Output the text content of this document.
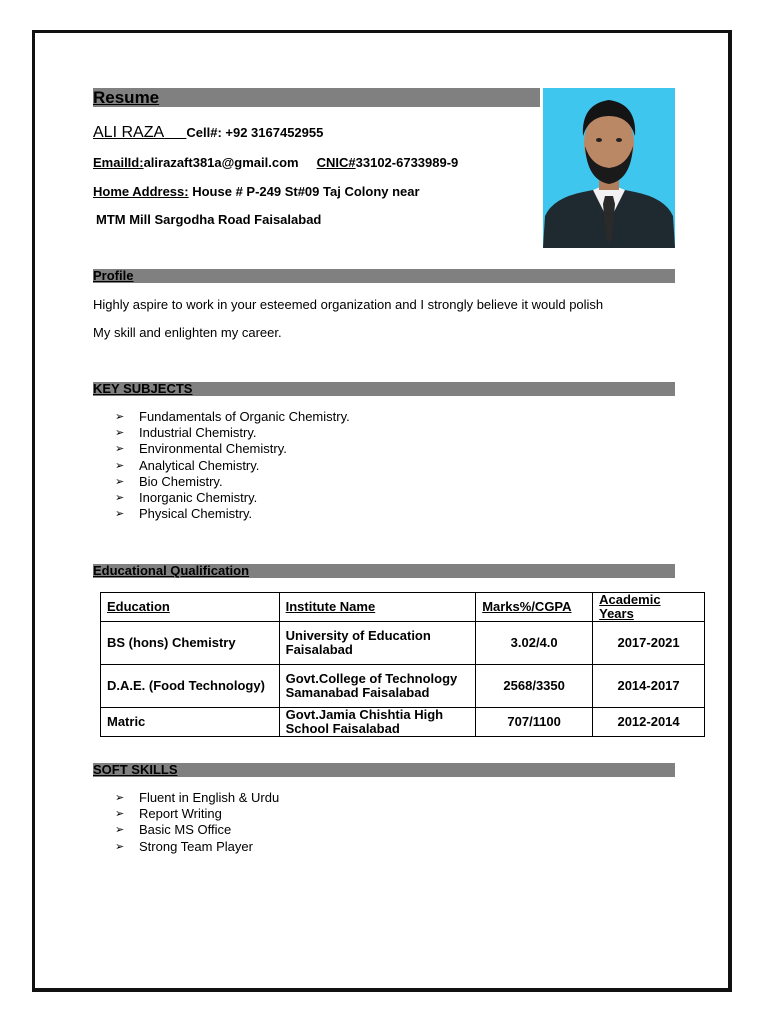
Resume
ALI RAZA Cell#: +92 3167452955
EmailId:alirazaft381a@gmail.com CNIC#33102-6733989-9
Home Address: House # P-249 St#09 Taj Colony near
MTM Mill Sargodha Road Faisalabad
Profile
Highly aspire to work in your esteemed organization and I strongly believe it would polish
My skill and enlighten my career.
KEY SUBJECTS
➢ Fundamentals of Organic Chemistry.
➢ Industrial Chemistry.
➢ Environmental Chemistry.
➢ Analytical Chemistry.
➢ Bio Chemistry.
➢ Inorganic Chemistry.
➢ Physical Chemistry.
Educational Qualification
Education	Institute Name	Marks%/CGPA	Academic Years
BS (hons) Chemistry	University of Education Faisalabad	3.02/4.0	2017-2021
D.A.E. (Food Technology)	Govt.College of Technology Samanabad Faisalabad	2568/3350	2014-2017
Matric	Govt.Jamia Chishtia High School Faisalabad	707/1100	2012-2014
SOFT SKILLS
➢ Fluent in English & Urdu
➢ Report Writing
➢ Basic MS Office
➢ Strong Team Player
